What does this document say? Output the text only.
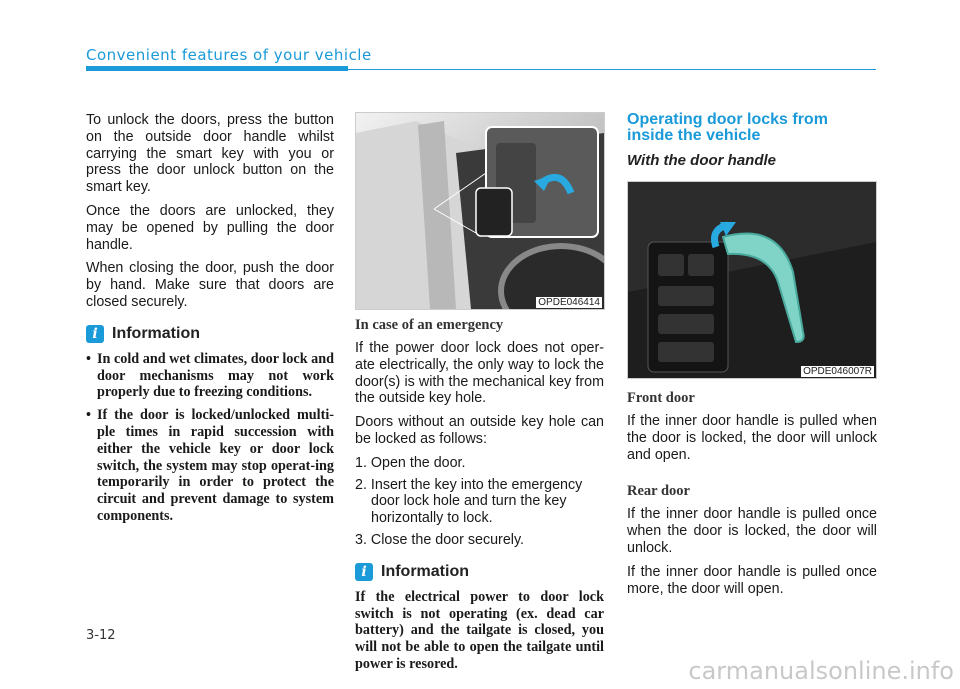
Convenient features of your vehicle

To unlock the doors, press the button on the outside door handle whilst carrying the smart key with you or press the door unlock button on the smart key.

Once the doors are unlocked, they may be opened by pulling the door handle.

When closing the door, push the door by hand. Make sure that doors are closed securely.

i Information
• In cold and wet climates, door lock and door mechanisms may not work properly due to freezing conditions.
• If the door is locked/unlocked multi-ple times in rapid succession with either the vehicle key or door lock switch, the system may stop operat-ing temporarily in order to protect the circuit and prevent damage to system components.
OPDE046414
In case of an emergency

If the power door lock does not oper-ate electrically, the only way to lock the door(s) is with the mechanical key from the outside key hole.

Doors without an outside key hole can be locked as follows:

1. Open the door.
2. Insert the key into the emergency door lock hole and turn the key horizontally to lock.
3. Close the door securely.
i Information

If the electrical power to door lock switch is not operating (ex. dead car battery) and the tailgate is closed, you will not be able to open the tailgate until power is resored.

Operating door locks from inside the vehicle
With the door handle
OPDE046007R
Front door

If the inner door handle is pulled when the door is locked, the door will unlock and open.

Rear door

If the inner door handle is pulled once when the door is locked, the door will unlock.

If the inner door handle is pulled once more, the door will open.

3-12
carmanualsonline.info
